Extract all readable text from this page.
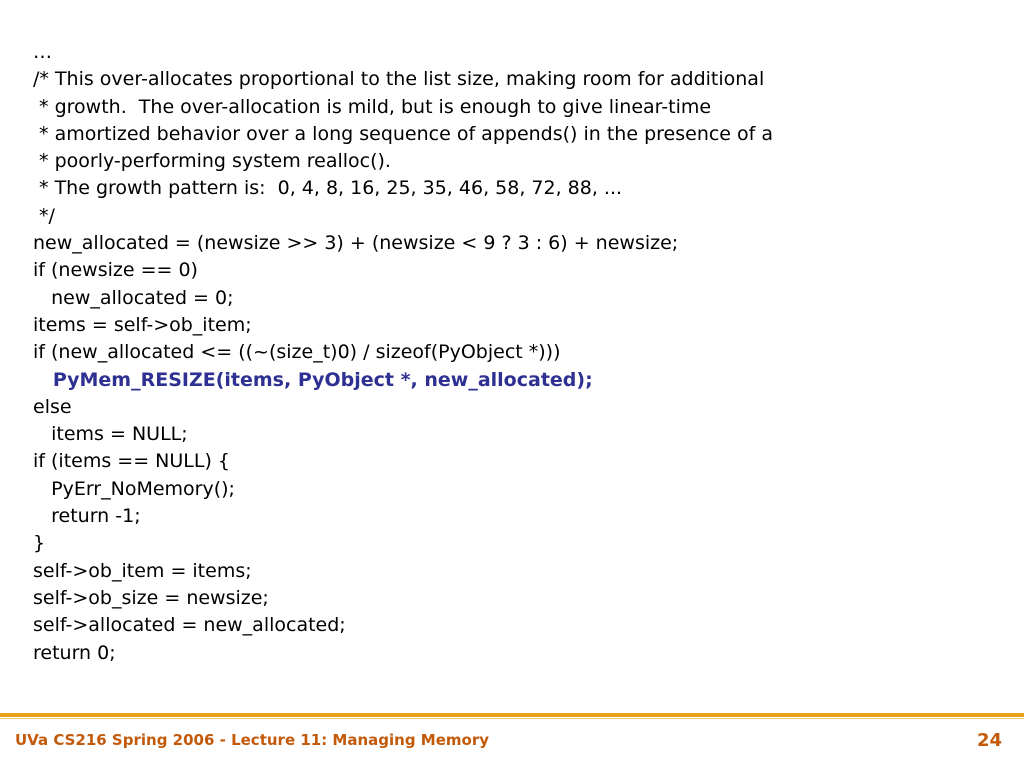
…
/* This over-allocates proportional to the list size, making room for additional
* growth.  The over-allocation is mild, but is enough to give linear-time
* amortized behavior over a long sequence of appends() in the presence of a
* poorly-performing system realloc().
* The growth pattern is:  0, 4, 8, 16, 25, 35, 46, 58, 72, 88, ...
*/
new_allocated = (newsize >> 3) + (newsize < 9 ? 3 : 6) + newsize;
if (newsize == 0)
new_allocated = 0;
items = self->ob_item;
if (new_allocated <= ((~(size_t)0) / sizeof(PyObject *)))
PyMem_RESIZE(items, PyObject *, new_allocated);
else
items = NULL;
if (items == NULL) {
PyErr_NoMemory();
return -1;
}
self->ob_item = items;
self->ob_size = newsize;
self->allocated = new_allocated;
return 0;
UVa CS216 Spring 2006 - Lecture 11: Managing Memory	24
